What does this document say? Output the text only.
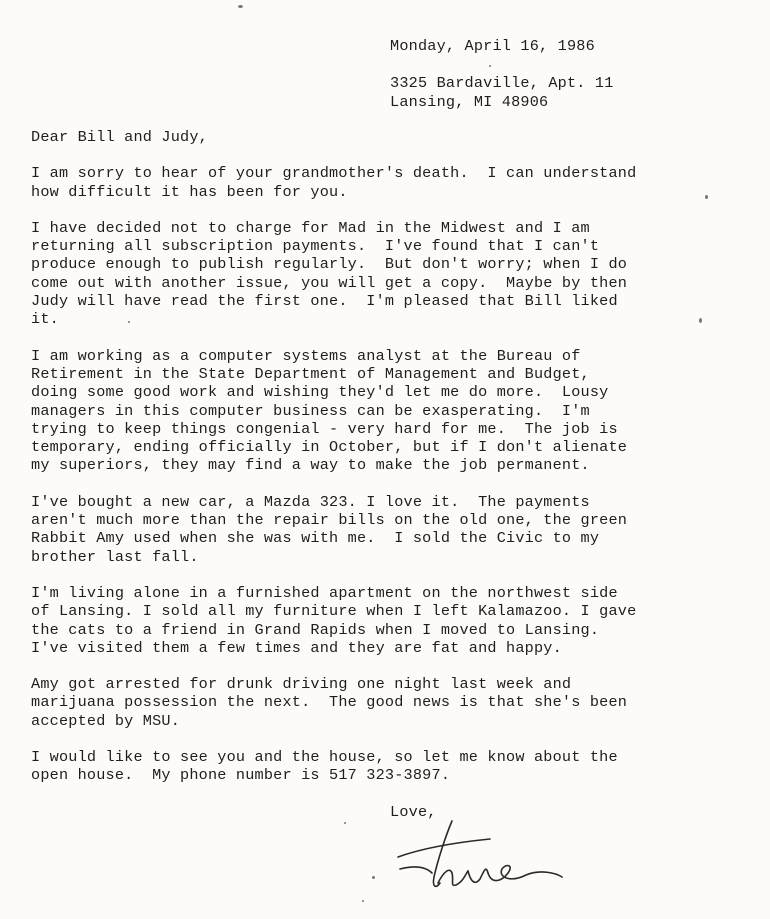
Monday, April 16, 1986
3325 Bardaville, Apt. 11
Lansing, MI 48906
Dear Bill and Judy,
I am sorry to hear of your grandmother's death.  I can understand
how difficult it has been for you.
I have decided not to charge for Mad in the Midwest and I am
returning all subscription payments.  I've found that I can't
produce enough to publish regularly.  But don't worry; when I do
come out with another issue, you will get a copy.  Maybe by then
Judy will have read the first one.  I'm pleased that Bill liked
it.
I am working as a computer systems analyst at the Bureau of
Retirement in the State Department of Management and Budget,
doing some good work and wishing they'd let me do more.  Lousy
managers in this computer business can be exasperating.  I'm
trying to keep things congenial - very hard for me.  The job is
temporary, ending officially in October, but if I don't alienate
my superiors, they may find a way to make the job permanent.
I've bought a new car, a Mazda 323. I love it.  The payments
aren't much more than the repair bills on the old one, the green
Rabbit Amy used when she was with me.  I sold the Civic to my
brother last fall.
I'm living alone in a furnished apartment on the northwest side
of Lansing. I sold all my furniture when I left Kalamazoo. I gave
the cats to a friend in Grand Rapids when I moved to Lansing.
I've visited them a few times and they are fat and happy.
Amy got arrested for drunk driving one night last week and
marijuana possession the next.  The good news is that she's been
accepted by MSU.
I would like to see you and the house, so let me know about the
open house.  My phone number is 517 323-3897.
Love,
